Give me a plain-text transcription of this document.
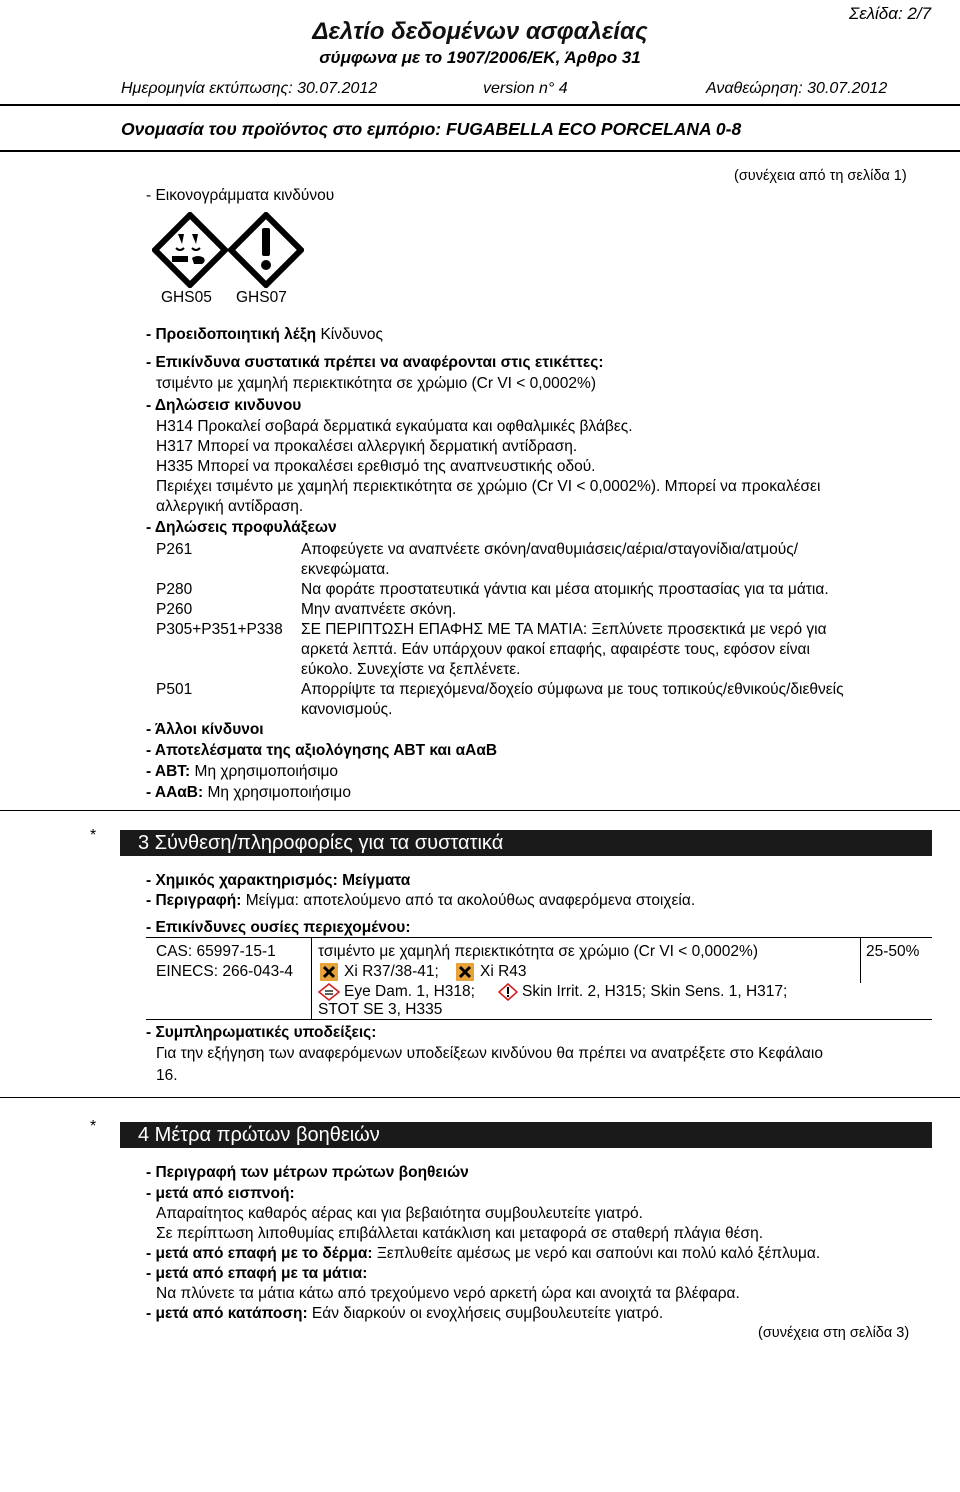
Σελίδα: 2/7
Δελτίο δεδομένων ασφαλείας
σύμφωνα με το 1907/2006/ΕΚ, Άρθρο 31
Ημερομηνία εκτύπωσης: 30.07.2012	version n° 4	Αναθεώρηση: 30.07.2012
Ονομασία του προϊόντος στο εμπόριο: FUGABELLA ECO PORCELANA 0-8
(συνέχεια από τη σελίδα 1)
- Εικονογράμματα κινδύνου
GHS05 GHS07
- Προειδοποιητική λέξη Κίνδυνος
- Επικίνδυνα συστατικά πρέπει να αναφέρονται στις ετικέττες:
τσιμέντο με χαμηλή περιεκτικότητα σε χρώμιο (Cr VI < 0,0002%)
- Δηλώσεισ κινδυνου
H314 Προκαλεί σοβαρά δερματικά εγκαύματα και οφθαλμικές βλάβες.
H317 Μπορεί να προκαλέσει αλλεργική δερματική αντίδραση.
H335 Μπορεί να προκαλέσει ερεθισμό της αναπνευστικής οδού.
Περιέχει τσιμέντο με χαμηλή περιεκτικότητα σε χρώμιο (Cr VI < 0,0002%). Μπορεί να προκαλέσει
αλλεργική αντίδραση.
- Δηλώσεις προφυλάξεων
P261	Αποφεύγετε να αναπνέετε σκόνη/αναθυμιάσεις/αέρια/σταγονίδια/ατμούς/
εκνεφώματα.
P280	Να φοράτε προστατευτικά γάντια και μέσα ατομικής προστασίας για τα μάτια.
P260	Μην αναπνέετε σκόνη.
P305+P351+P338 ΣΕ ΠΕΡΙΠΤΩΣΗ ΕΠΑΦΗΣ ΜΕ ΤΑ ΜΑΤΙΑ: Ξεπλύνετε προσεκτικά με νερό για
αρκετά λεπτά. Εάν υπάρχουν φακοί επαφής, αφαιρέστε τους, εφόσον είναι
εύκολο. Συνεχίστε να ξεπλένετε.
P501	Απορρίψτε τα περιεχόμενα/δοχείο σύμφωνα με τους τοπικούς/εθνικούς/διεθνείς
κανονισμούς.
- Άλλοι κίνδυνοι
- Αποτελέσματα της αξιολόγησης ΑΒΤ και αΑαΒ
- ΑΒΤ: Μη χρησιμοποιήσιμο
- ΑΑαΒ: Μη χρησιμοποιήσιμο
* 3 Σύνθεση/πληροφορίες για τα συστατικά
- Χημικός χαρακτηρισμός: Μείγματα
- Περιγραφή: Μείγμα: αποτελούμενο από τα ακολούθως αναφερόμενα στοιχεία.
- Επικίνδυνες ουσίες περιεχομένου:
CAS: 65997-15-1
EINECS: 266-043-4
τσιμέντο με χαμηλή περιεκτικότητα σε χρώμιο (Cr VI < 0,0002%)	25-50%
Xi R37/38-41;	Xi R43
Eye Dam. 1, H318;	Skin Irrit. 2, H315; Skin Sens. 1, H317;
STOT SE 3, H335
- Συμπληρωματικές υποδείξεις:
Για την εξήγηση των αναφερόμενων υποδείξεων κινδύνου θα πρέπει να ανατρέξετε στο Κεφάλαιο
16.
* 4 Μέτρα πρώτων βοηθειών
- Περιγραφή των μέτρων πρώτων βοηθειών
- μετά από εισπνοή:
Απαραίτητος καθαρός αέρας και για βεβαιότητα συμβουλευτείτε γιατρό.
Σε περίπτωση λιποθυμίας επιβάλλεται κατάκλιση και μεταφορά σε σταθερή πλάγια θέση.
- μετά από επαφή με το δέρμα: Ξεπλυθείτε αμέσως με νερό και σαπούνι και πολύ καλό ξέπλυμα.
- μετά από επαφή με τα μάτια:
Να πλύνετε τα μάτια κάτω από τρεχούμενο νερό αρκετή ώρα και ανοιχτά τα βλέφαρα.
- μετά από κατάποση: Εάν διαρκούν οι ενοχλήσεις συμβουλευτείτε γιατρό.
(συνέχεια στη σελίδα 3)
